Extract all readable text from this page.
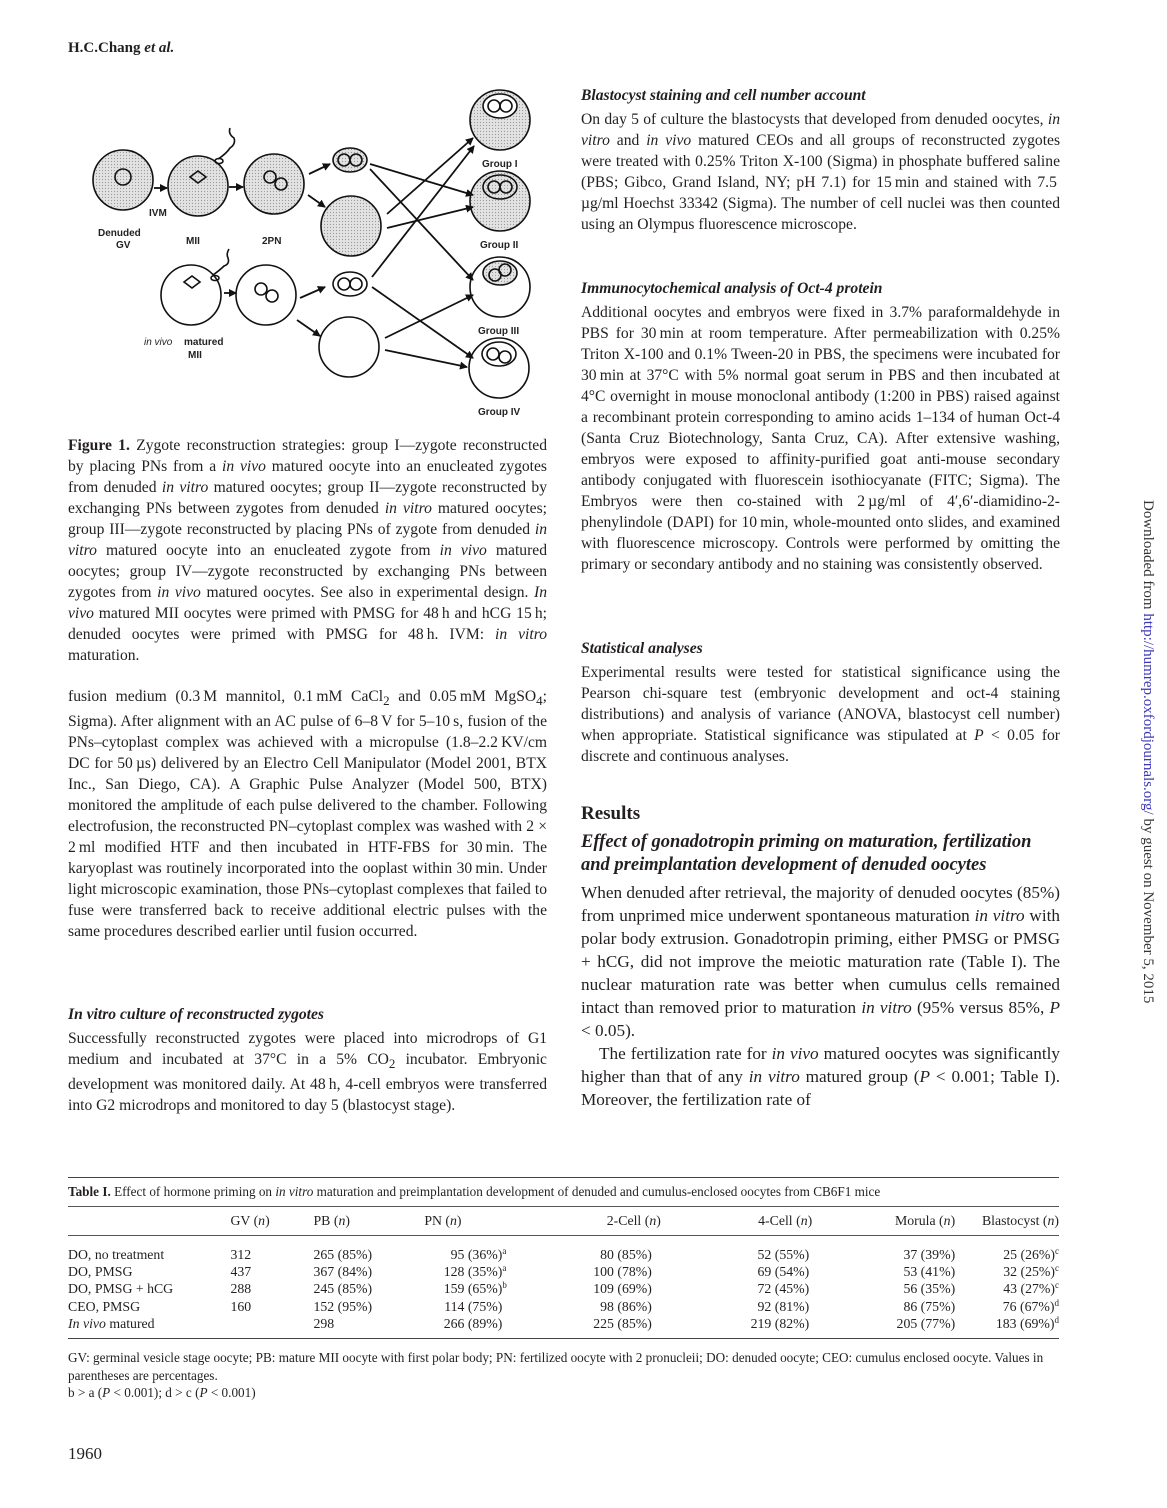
H.C.Chang et al.
IVM
Denuded
GV	MII	2PN
in vivo matured
MII
Group I
Group II
Group III
Group IV
Figure 1. Zygote reconstruction strategies: group I—zygote reconstructed by placing PNs from a in vivo matured oocyte into an enucleated zygotes from denuded in vitro matured oocytes; group II—zygote reconstructed by exchanging PNs between zygotes from denuded in vitro matured oocytes; group III—zygote reconstructed by placing PNs of zygote from denuded in vitro matured oocyte into an enucleated zygote from in vivo matured oocytes; group IV—zygote reconstructed by exchanging PNs between zygotes from in vivo matured oocytes. See also in experimental design. In vivo matured MII oocytes were primed with PMSG for 48 h and hCG 15 h; denuded oocytes were primed with PMSG for 48 h. IVM: in vitro maturation.

fusion medium (0.3 M mannitol, 0.1 mM CaCl$_2$ and 0.05 mM MgSO$_4$; Sigma). After alignment with an AC pulse of 6–8 V for 5–10 s, fusion of the PNs–cytoplast complex was achieved with a micropulse (1.8–2.2 KV/cm DC for 50 µs) delivered by an Electro Cell Manipulator (Model 2001, BTX Inc., San Diego, CA). A Graphic Pulse Analyzer (Model 500, BTX) monitored the amplitude of each pulse delivered to the chamber. Following electrofusion, the reconstructed PN–cytoplast complex was washed with 2 × 2 ml modified HTF and then incubated in HTF-FBS for 30 min. The karyoplast was routinely incorporated into the ooplast within 30 min. Under light microscopic examination, those PNs–cytoplast complexes that failed to fuse were transferred back to receive additional electric pulses with the same procedures described earlier until fusion occurred.

In vitro culture of reconstructed zygotes

Successfully reconstructed zygotes were placed into microdrops of G1 medium and incubated at 37°C in a 5% $CO_2$ incubator. Embryonic development was monitored daily. At 48 h, 4-cell embryos were transferred into G2 microdrops and monitored to day 5 (blastocyst stage).

Blastocyst staining and cell number account

On day 5 of culture the blastocysts that developed from denuded oocytes, in vitro and in vivo matured CEOs and all groups of reconstructed zygotes were treated with 0.25% Triton X-100 (Sigma) in phosphate buffered saline (PBS; Gibco, Grand Island, NY; pH 7.1) for 15 min and stained with 7.5 µg/ml Hoechst 33342 (Sigma). The number of cell nuclei was then counted using an Olympus fluorescence microscope.

Immunocytochemical analysis of Oct-4 protein

Additional oocytes and embryos were fixed in 3.7% paraformaldehyde in PBS for 30 min at room temperature. After permeabilization with 0.25% Triton X-100 and 0.1% Tween-20 in PBS, the specimens were incubated for 30 min at 37°C with 5% normal goat serum in PBS and then incubated at 4°C overnight in mouse monoclonal antibody (1:200 in PBS) raised against a recombinant protein corresponding to amino acids 1–134 of human Oct-4 (Santa Cruz Biotechnology, Santa Cruz, CA). After extensive washing, embryos were exposed to affinity-purified goat anti-mouse secondary antibody conjugated with fluorescein isothiocyanate (FITC; Sigma). The Embryos were then co-stained with 2 µg/ml of 4′,6′-diamidino-2-phenylindole (DAPI) for 10 min, whole-mounted onto slides, and examined with fluorescence microscopy. Controls were performed by omitting the primary or secondary antibody and no staining was consistently observed.

Statistical analyses

Experimental results were tested for statistical significance using the Pearson chi-square test (embryonic development and oct-4 staining distributions) and analysis of variance (ANOVA, blastocyst cell number) when appropriate. Statistical significance was stipulated at P < 0.05 for discrete and continuous analyses.

Results

Effect of gonadotropin priming on maturation, fertilization and preimplantation development of denuded oocytes

When denuded after retrieval, the majority of denuded oocytes (85%) from unprimed mice underwent spontaneous maturation in vitro with polar body extrusion. Gonadotropin priming, either PMSG or PMSG + hCG, did not improve the meiotic maturation rate (Table I). The nuclear maturation rate was better when cumulus cells remained intact than removed prior to maturation in vitro (95% versus 85%, P < 0.05).

The fertilization rate for in vivo matured oocytes was significantly higher than that of any in vitro matured group (P < 0.001; Table I). Moreover, the fertilization rate of

Table I. Effect of hormone priming on in vitro maturation and preimplantation development of denuded and cumulus-enclosed oocytes from CB6F1 mice
	GV (n)	PB (n)	PN (n)	2-Cell (n)	4-Cell (n)	Morula (n)	Blastocyst (n)
DO, no treatment	312	265 (85%)	95 $(36\%)^a$	80 (85%)	52 (55%)	37 (39%)	25 $(26\%)^c$
DO, PMSG	437	367 (84%)	128 $(35\%)^a$	100 (78%)	69 (54%)	53 (41%)	32 $(25\%)^c$
DO, PMSG + hCG	288	245 (85%)	159 $(65\%)^b$	109 (69%)	72 (45%)	56 (35%)	43 $(27\%)^c$
CEO, PMSG	160	152 (95%)	114 (75%)	98 (86%)	92 (81%)	86 (75%)	76 $(67\%)^d$
In vivo matured		298	266 (89%)	225 (85%)	219 (82%)	205 (77%)	183 $(69\%)^d$
GV: germinal vesicle stage oocyte; PB: mature MII oocyte with first polar body; PN: fertilized oocyte with 2 pronucleii; DO: denuded oocyte; CEO: cumulus enclosed oocyte. Values in parentheses are percentages.
b > a (P < 0.001); d > c (P < 0.001)
1960
Downloaded from http://humrep.oxfordjournals.org/ by guest on November 5, 2015
